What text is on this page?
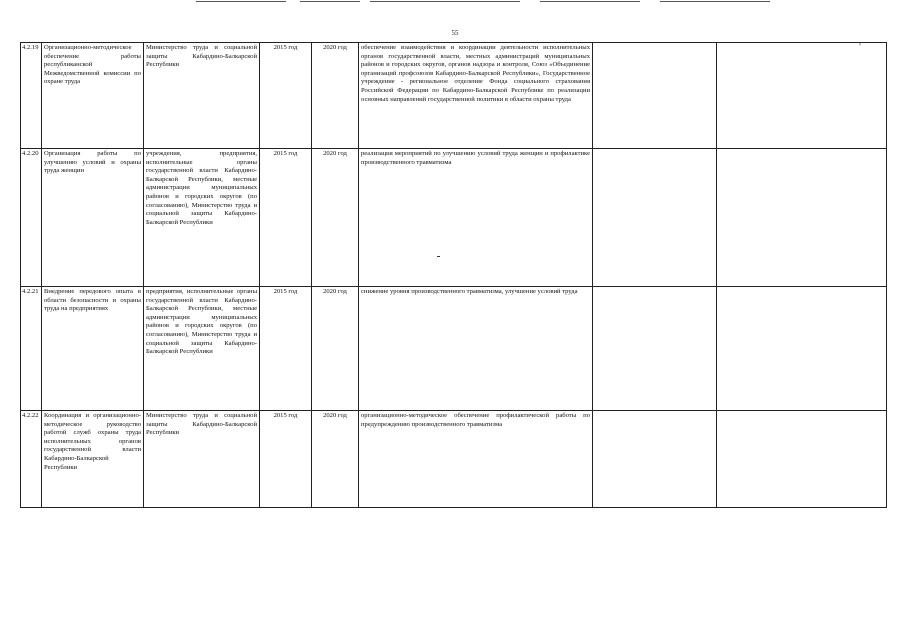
55
4.2.19	Организационно-методическое обеспечение работы республиканской Межведомственной комиссии по охране труда	Министерство труда и социальной защиты Кабардино-Балкарской Республики	2015 год	2020 год	обеспечение взаимодействия и координации деятельности исполнительных органов государственной власти, местных администраций муниципальных районов и городских округов, органов надзора и контроля, Союз «Объединение организаций профсоюзов Кабардино-Балкарской Республики», Государственное учреждение - региональное отделение Фонда социального страхования Российской Федерации по Кабардино-Балкарской Республике по реализации основных направлений государственной политики в области охраны труда		
4.2.20	Организация работы по улучшению условий и охраны труда женщин	учреждения, предприятия, исполнительные органы государственной власти Кабардино-Балкарской Республики, местные администрации муниципальных районов и городских округов (по согласованию), Министерство труда и социальной защиты Кабардино-Балкарской Республики	2015 год	2020 год	реализация мероприятий по улучшению условий труда женщин и профилактике производственного травматизма		
4.2.21	Внедрение передового опыта в области безопасности и охраны труда на предприятиях	предприятия, исполнительные органы государственной власти Кабардино-Балкарской Республики, местные администрации муниципальных районов и городских округов (по согласованию), Министерство труда и социальной защиты Кабардино-Балкарской Республики	2015 год	2020 год	снижение уровня производственного травматизма, улучшение условий труда		
4.2.22	Координация и организационно-методическое руководство работой служб охраны труда исполнительных органов государственной власти Кабардино-Балкарской Республики	Министерство труда и социальной защиты Кабардино-Балкарской Республики	2015 год	2020 год	организационно-методическое обеспечение профилактической работы по предупреждению производственного травматизма		
˅
